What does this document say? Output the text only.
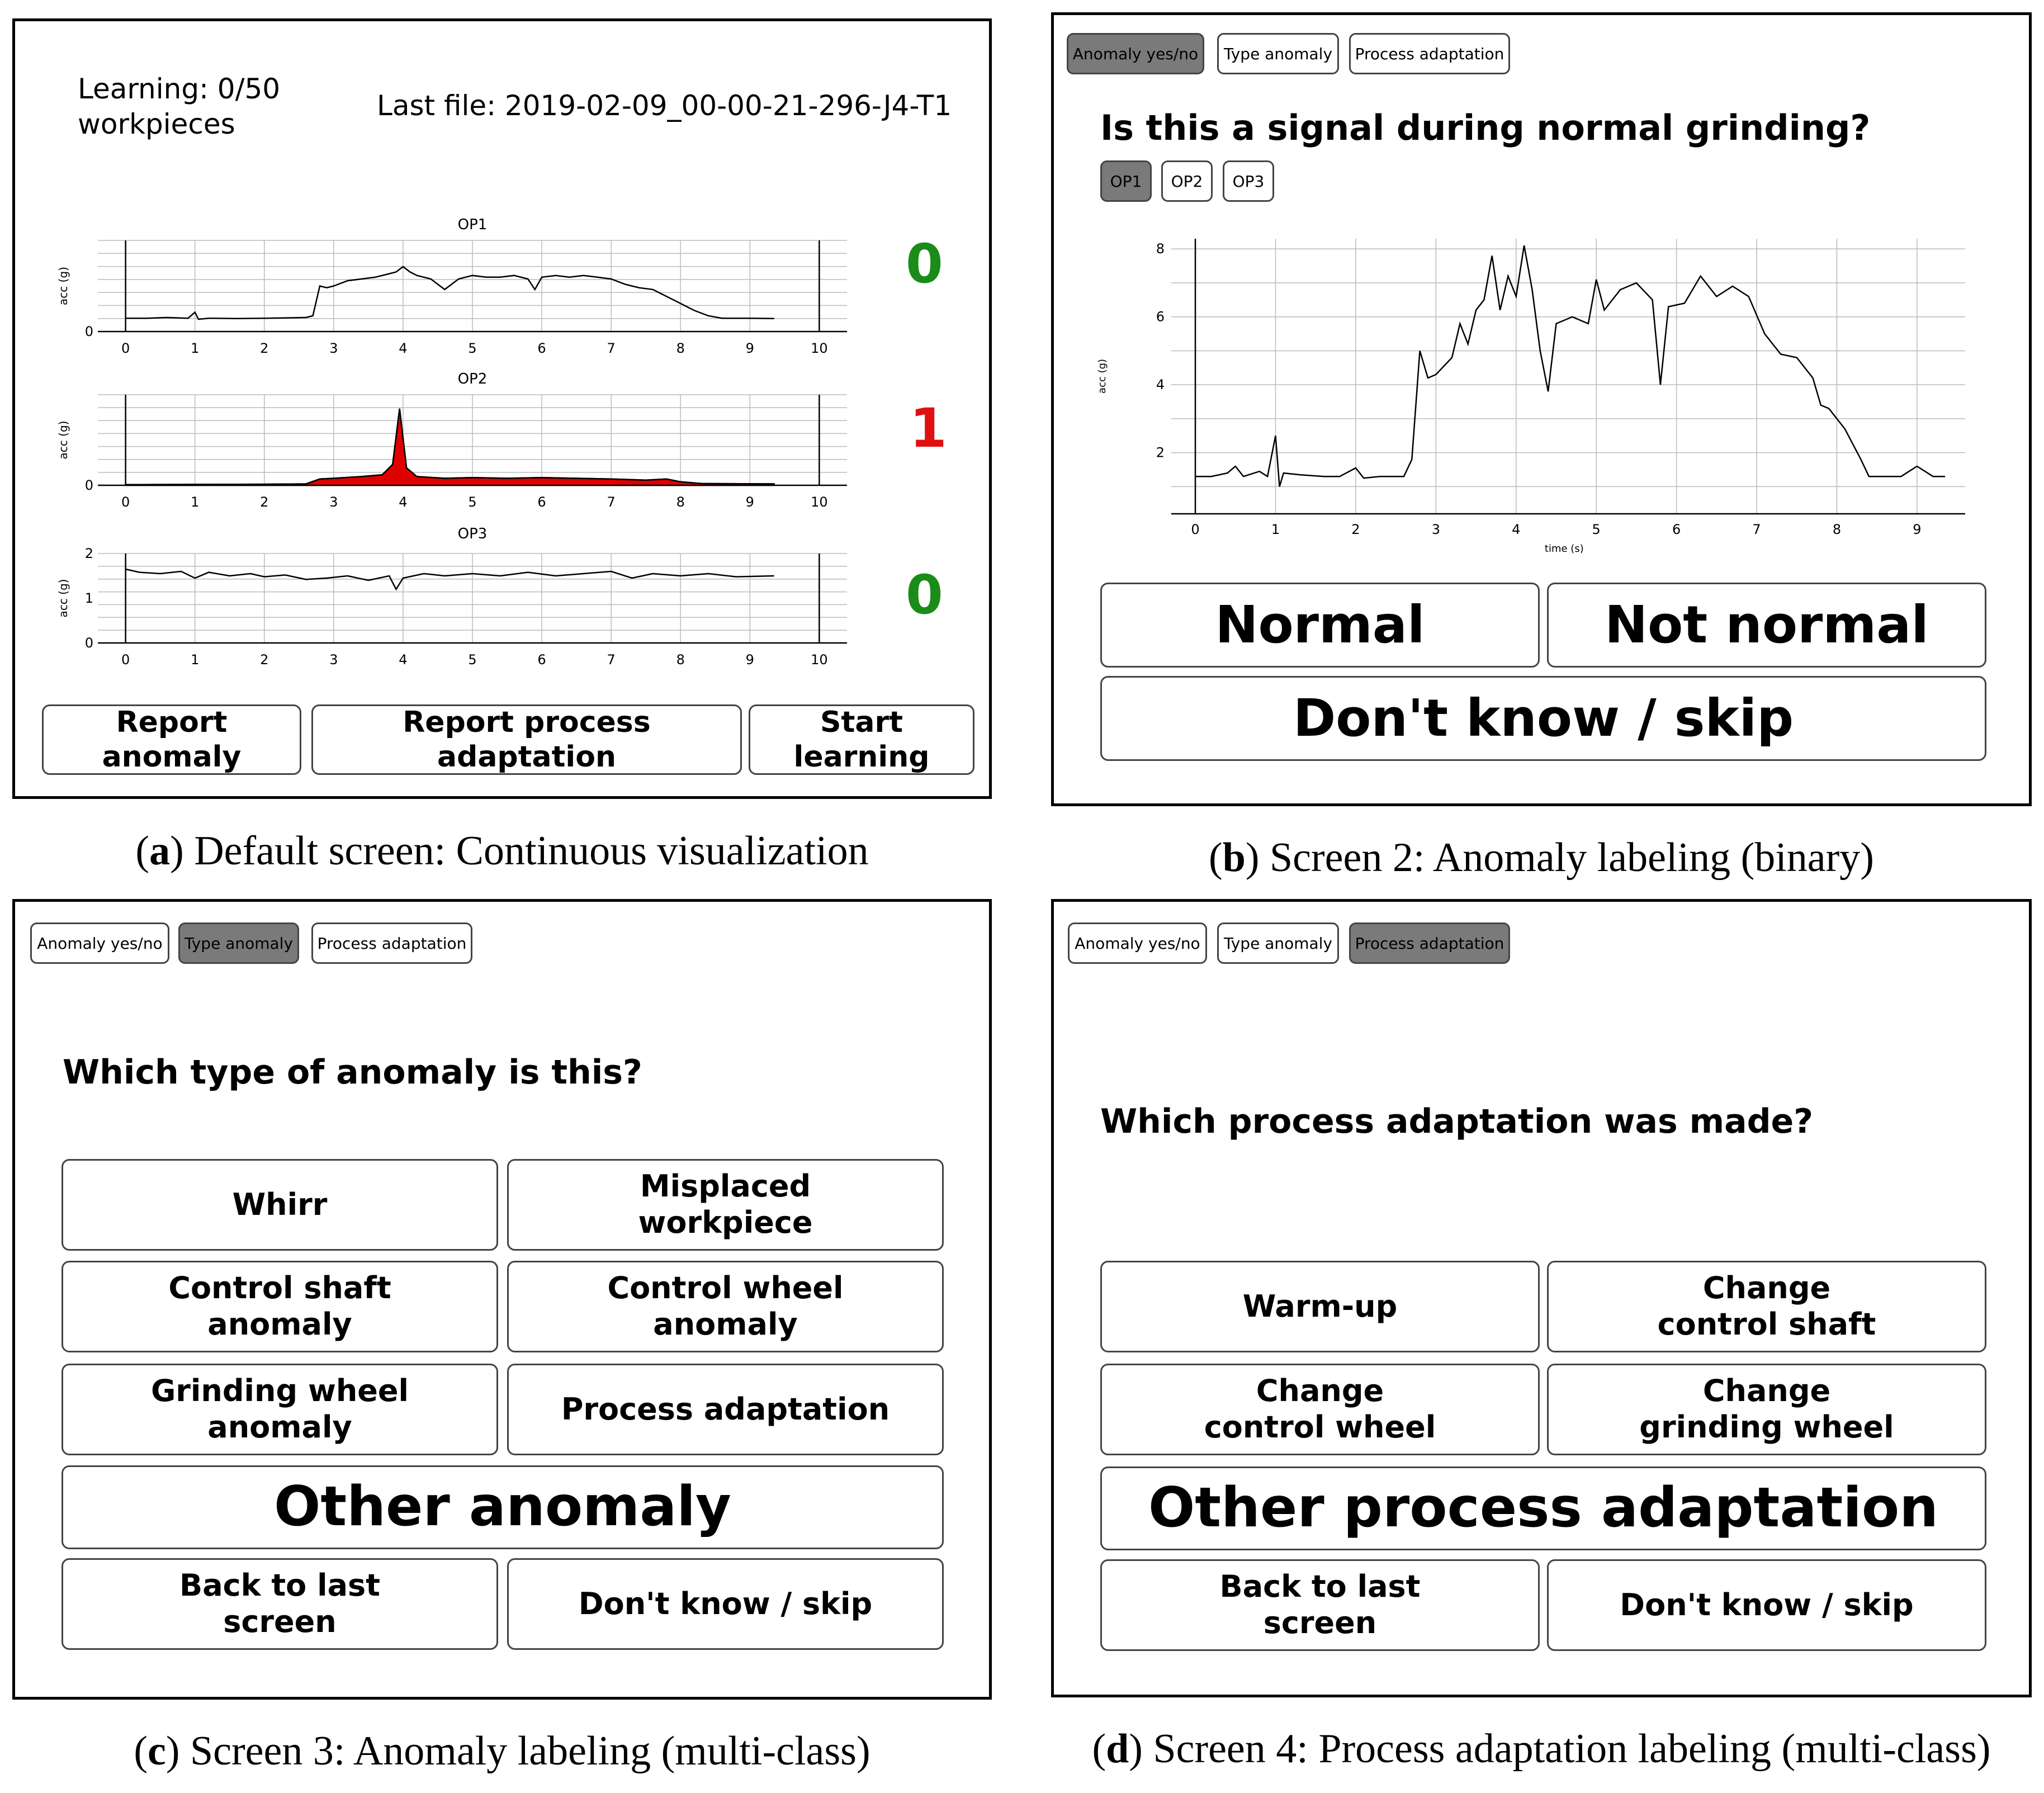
Learning: 0/50
workpieces
Last file: 2019-02-09_00-00-21-296-J4-T1
OP1
acc (g)
0	1	2	3	4	5	6	7	8	9	10
0
OP2
acc (g)
0	1	2	3	4	5	6	7	8	9	10
0
OP3
acc (g)
0	1	2	3	4	5	6	7	8	9	10
0
1
2
0
1
0
Report anomaly
Report process adaptation
Start learning
(a) Default screen: Continuous visualization
Anomaly yes/no	Type anomaly	Process adaptation
Is this a signal during normal grinding?
OP1	OP2	OP3
0	1	2	3	4	5	6	7	8	9
2
4
6
8
time (s)
acc (g)
Normal	Not normal
Don't know / skip
(b) Screen 2: Anomaly labeling (binary)
Anomaly yes/no	Type anomaly	Process adaptation
Which type of anomaly is this?
Whirr
Misplaced
workpiece
Control shaft
anomaly
Control wheel
anomaly
Grinding wheel
anomaly
Process adaptation
Other anomaly
Back to last
screen
Don't know / skip
(c) Screen 3: Anomaly labeling (multi-class)
Anomaly yes/no	Type anomaly	Process adaptation
Which process adaptation was made?
Warm-up
Change
control shaft
Change
control wheel
Change
grinding wheel
Other process adaptation
Back to last
screen
Don't know / skip
(d) Screen 4: Process adaptation labeling (multi-class)
